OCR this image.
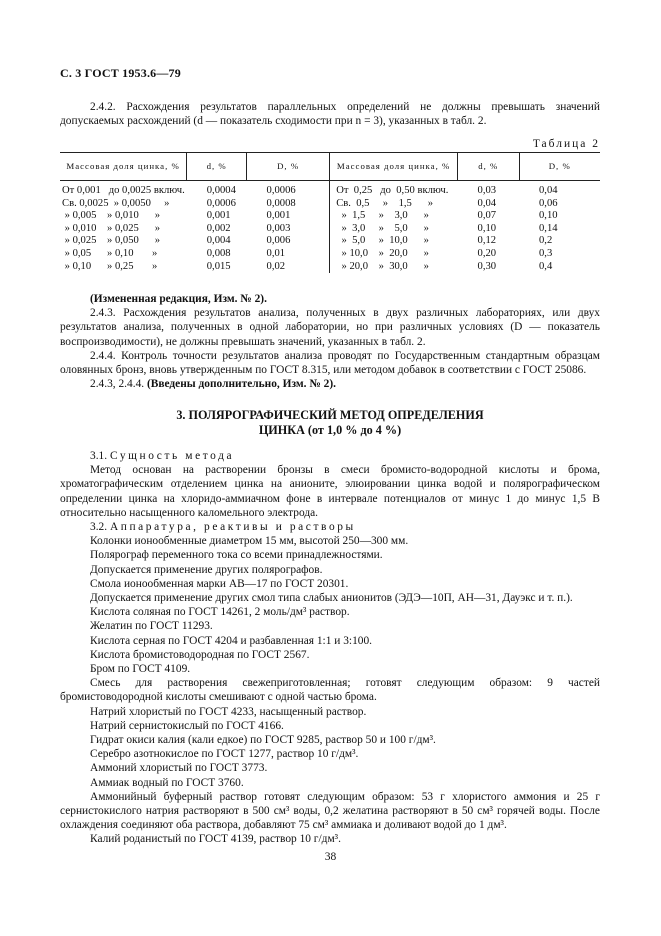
С. 3 ГОСТ 1953.6—79

2.4.2. Расхождения результатов параллельных определений не должны превышать значений допускаемых расхождений (d — показатель сходимости при n = 3), указанных в табл. 2.

Таблица 2
Массовая доля цинка, %	d, %	D, %	Массовая доля цинка, %	d, %	D, %
От 0,001   до 0,0025 включ.	0,0004	0,0006	От  0,25   до  0,50 включ.	0,03	0,04
Св. 0,0025  » 0,0050     »	0,0006	0,0008	Св.  0,5     »    1,5      »	0,04	0,06
» 0,005    » 0,010      »	0,001	0,001	»  1,5     »    3,0      »	0,07	0,10
» 0,010    » 0,025      »	0,002	0,003	»  3,0     »    5,0      »	0,10	0,14
» 0,025    » 0,050      »	0,004	0,006	»  5,0     »  10,0      »	0,12	0,2
» 0,05      » 0,10       »	0,008	0,01	» 10,0    »  20,0      »	0,20	0,3
» 0,10      » 0,25       »	0,015	0,02	» 20,0    »  30,0      »	0,30	0,4
(Измененная редакция, Изм. № 2).

2.4.3. Расхождения результатов анализа, полученных в двух различных лабораториях, или двух результатов анализа, полученных в одной лаборатории, но при различных условиях (D — показатель воспроизводимости), не должны превышать значений, указанных в табл. 2.

2.4.4. Контроль точности результатов анализа проводят по Государственным стандартным образцам оловянных бронз, вновь утвержденным по ГОСТ 8.315, или методом добавок в соответствии с ГОСТ 25086.

2.4.3, 2.4.4. (Введены дополнительно, Изм. № 2).

3. ПОЛЯРОГРАФИЧЕСКИЙ МЕТОД ОПРЕДЕЛЕНИЯ
ЦИНКА (от 1,0 % до 4 %)

3.1. Сущность метода

Метод основан на растворении бронзы в смеси бромисто-водородной кислоты и брома, хроматографическим отделением цинка на анионите, элюировании цинка водой и полярографическом определении цинка на хлоридо-аммиачном фоне в интервале потенциалов от минус 1 до минус 1,5 В относительно насыщенного каломельного электрода.

3.2. Аппаратура, реактивы и растворы

Колонки ионообменные диаметром 15 мм, высотой 250—300 мм.

Полярограф переменного тока со всеми принадлежностями.

Допускается применение других полярографов.

Смола ионообменная марки АВ—17 по ГОСТ 20301.

Допускается применение других смол типа слабых анионитов (ЭДЭ—10П, АН—31, Дауэкс и т. п.).

Кислота соляная по ГОСТ 14261, 2 моль/дм³ раствор.

Желатин по ГОСТ 11293.

Кислота серная по ГОСТ 4204 и разбавленная 1:1 и 3:100.

Кислота бромистоводородная по ГОСТ 2567.

Бром по ГОСТ 4109.

Смесь для растворения свежеприготовленная; готовят следующим образом: 9 частей бромистоводородной кислоты смешивают с одной частью брома.

Натрий хлористый по ГОСТ 4233, насыщенный раствор.

Натрий сернистокислый по ГОСТ 4166.

Гидрат окиси калия (кали едкое) по ГОСТ 9285, раствор 50 и 100 г/дм³.

Серебро азотнокислое по ГОСТ 1277, раствор 10 г/дм³.

Аммоний хлористый по ГОСТ 3773.

Аммиак водный по ГОСТ 3760.

Аммонийный буферный раствор готовят следующим образом: 53 г хлористого аммония и 25 г сернистокислого натрия растворяют в 500 см³ воды, 0,2 желатина растворяют в 50 см³ горячей воды. После охлаждения соединяют оба раствора, добавляют 75 см³ аммиака и доливают водой до 1 дм³.

Калий роданистый по ГОСТ 4139, раствор 10 г/дм³.

38
